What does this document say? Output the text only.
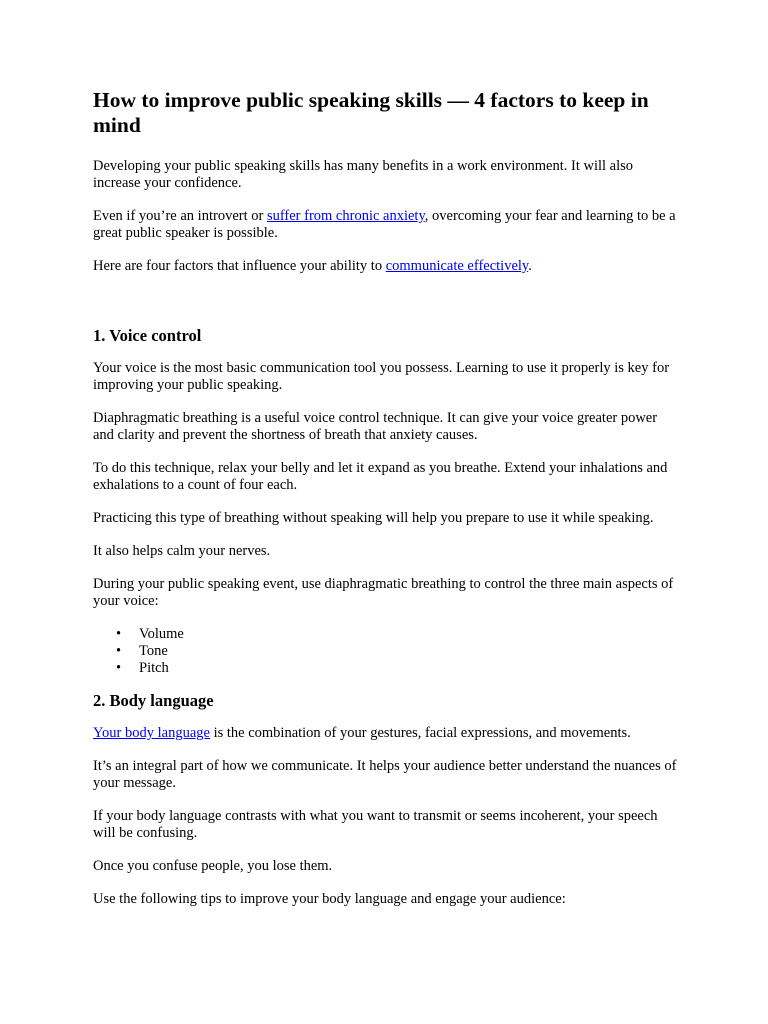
How to improve public speaking skills — 4 factors to keep in mind

Developing your public speaking skills has many benefits in a work environment. It will also increase your confidence.

Even if you’re an introvert or suffer from chronic anxiety, overcoming your fear and learning to be a great public speaker is possible.

Here are four factors that influence your ability to communicate effectively.

1. Voice control

Your voice is the most basic communication tool you possess. Learning to use it properly is key for improving your public speaking.

Diaphragmatic breathing is a useful voice control technique. It can give your voice greater power and clarity and prevent the shortness of breath that anxiety causes.

To do this technique, relax your belly and let it expand as you breathe. Extend your inhalations and exhalations to a count of four each.

Practicing this type of breathing without speaking will help you prepare to use it while speaking.

It also helps calm your nerves.

During your public speaking event, use diaphragmatic breathing to control the three main aspects of your voice:

• Volume
• Tone
• Pitch
2. Body language

Your body language is the combination of your gestures, facial expressions, and movements.

It’s an integral part of how we communicate. It helps your audience better understand the nuances of your message.

If your body language contrasts with what you want to transmit or seems incoherent, your speech will be confusing.

Once you confuse people, you lose them.

Use the following tips to improve your body language and engage your audience:
